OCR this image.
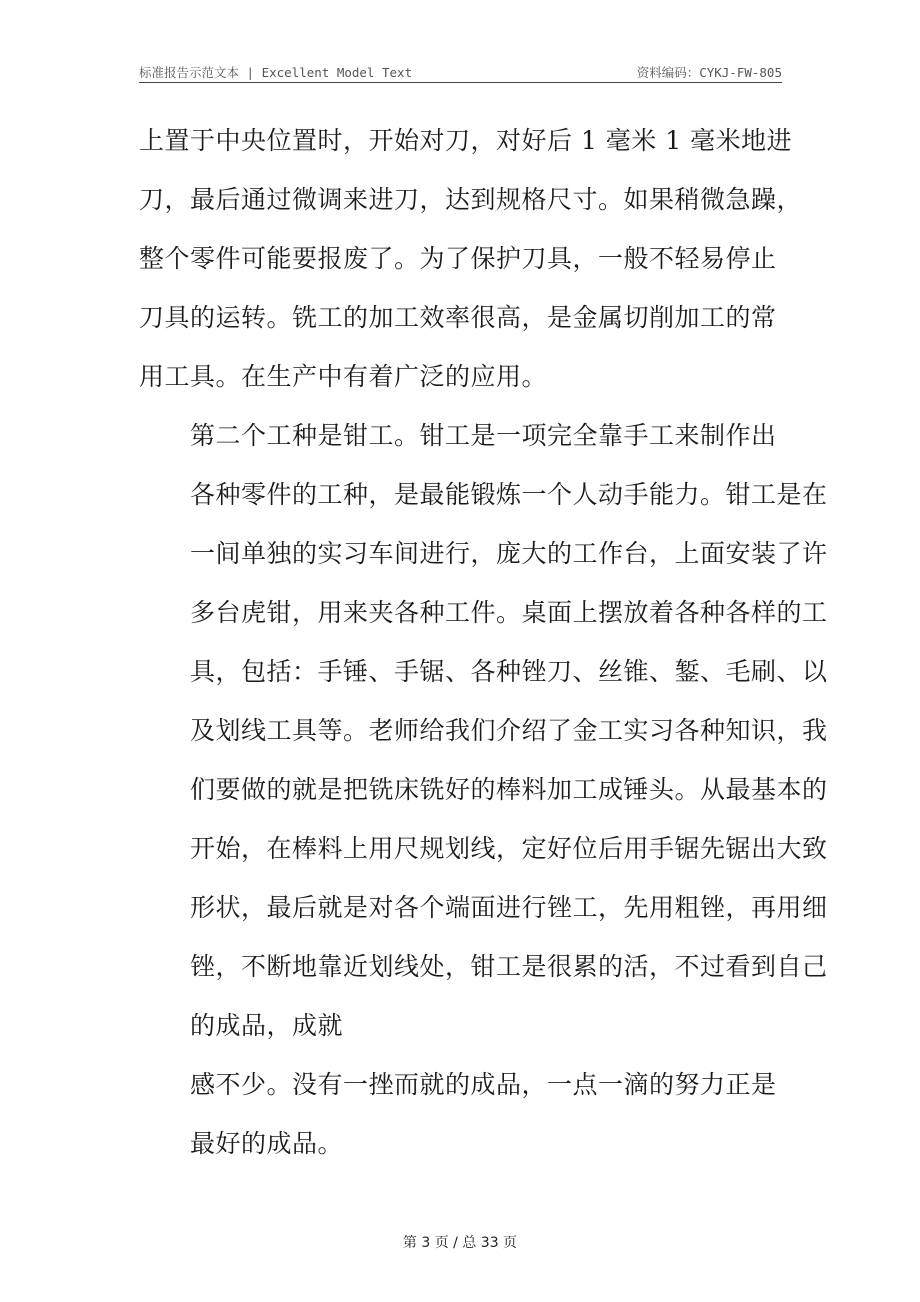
标准报告示范文本 | Excellent Model Text	资料编码：CYKJ-FW-805

上置于中央位置时，开始对刀，对好后 1 毫米 1 毫米地进
刀，最后通过微调来进刀，达到规格尺寸。如果稍微急躁，
整个零件可能要报废了。为了保护刀具，一般不轻易停止
刀具的运转。铣工的加工效率很高，是金属切削加工的常
用工具。在生产中有着广泛的应用。

第二个工种是钳工。钳工是一项完全靠手工来制作出
各种零件的工种，是最能锻炼一个人动手能力。钳工是在
一间单独的实习车间进行，庞大的工作台，上面安装了许
多台虎钳，用来夹各种工件。桌面上摆放着各种各样的工
具，包括：手锤、手锯、各种锉刀、丝锥、錾、毛刷、以
及划线工具等。老师给我们介绍了金工实习各种知识，我
们要做的就是把铣床铣好的棒料加工成锤头。从最基本的
开始，在棒料上用尺规划线，定好位后用手锯先锯出大致
形状，最后就是对各个端面进行锉工，先用粗锉，再用细
锉，不断地靠近划线处，钳工是很累的活，不过看到自己
的成品，成就

感不少。没有一挫而就的成品，一点一滴的努力正是
最好的成品。

第 3 页 / 总 33 页
